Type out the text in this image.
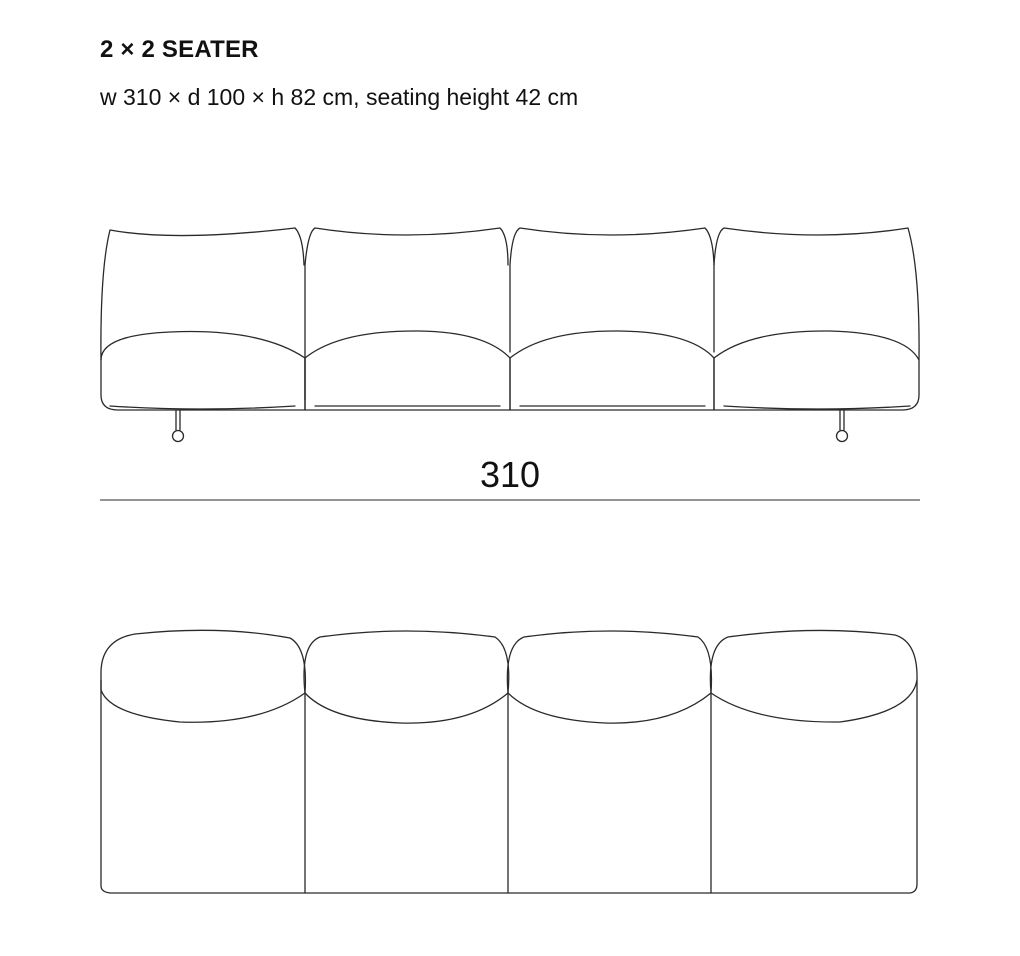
2 × 2 SEATER
w 310 × d 100 × h 82 cm, seating height 42 cm
310
